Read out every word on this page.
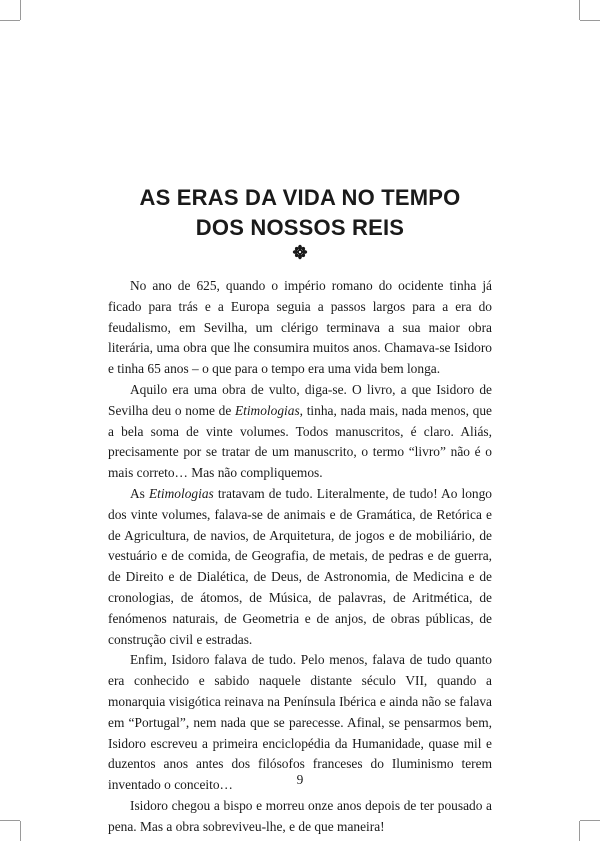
AS ERAS DA VIDA NO TEMPO
DOS NOSSOS REIS

No ano de 625, quando o império romano do ocidente tinha já ficado para trás e a Europa seguia a passos largos para a era do feudalismo, em Sevilha, um clérigo terminava a sua maior obra literária, uma obra que lhe consumira muitos anos. Chamava-se Isidoro e tinha 65 anos – o que para o tempo era uma vida bem longa.

Aquilo era uma obra de vulto, diga-se. O livro, a que Isidoro de Sevilha deu o nome de Etimologias, tinha, nada mais, nada menos, que a bela soma de vinte volumes. Todos manuscritos, é claro. Aliás, precisamente por se tratar de um manuscrito, o termo “livro” não é o mais correto… Mas não compliquemos.

As Etimologias tratavam de tudo. Literalmente, de tudo! Ao longo dos vinte volumes, falava-se de animais e de Gramática, de Retórica e de Agricultura, de navios, de Arquitetura, de jogos e de mobiliário, de vestuário e de comida, de Geografia, de metais, de pedras e de guerra, de Direito e de Dialética, de Deus, de Astronomia, de Medicina e de cronologias, de átomos, de Música, de palavras, de Aritmética, de fenómenos naturais, de Geometria e de anjos, de obras públicas, de construção civil e estradas.

Enfim, Isidoro falava de tudo. Pelo menos, falava de tudo quanto era conhecido e sabido naquele distante século VII, quando a monarquia visigótica reinava na Península Ibérica e ainda não se falava em “Portugal”, nem nada que se parecesse. Afinal, se pensarmos bem, Isidoro escreveu a primeira enciclopédia da Humanidade, quase mil e duzentos anos antes dos filósofos franceses do Iluminismo terem inventado o conceito…

Isidoro chegou a bispo e morreu onze anos depois de ter pousado a pena. Mas a obra sobreviveu-lhe, e de que maneira!

9
